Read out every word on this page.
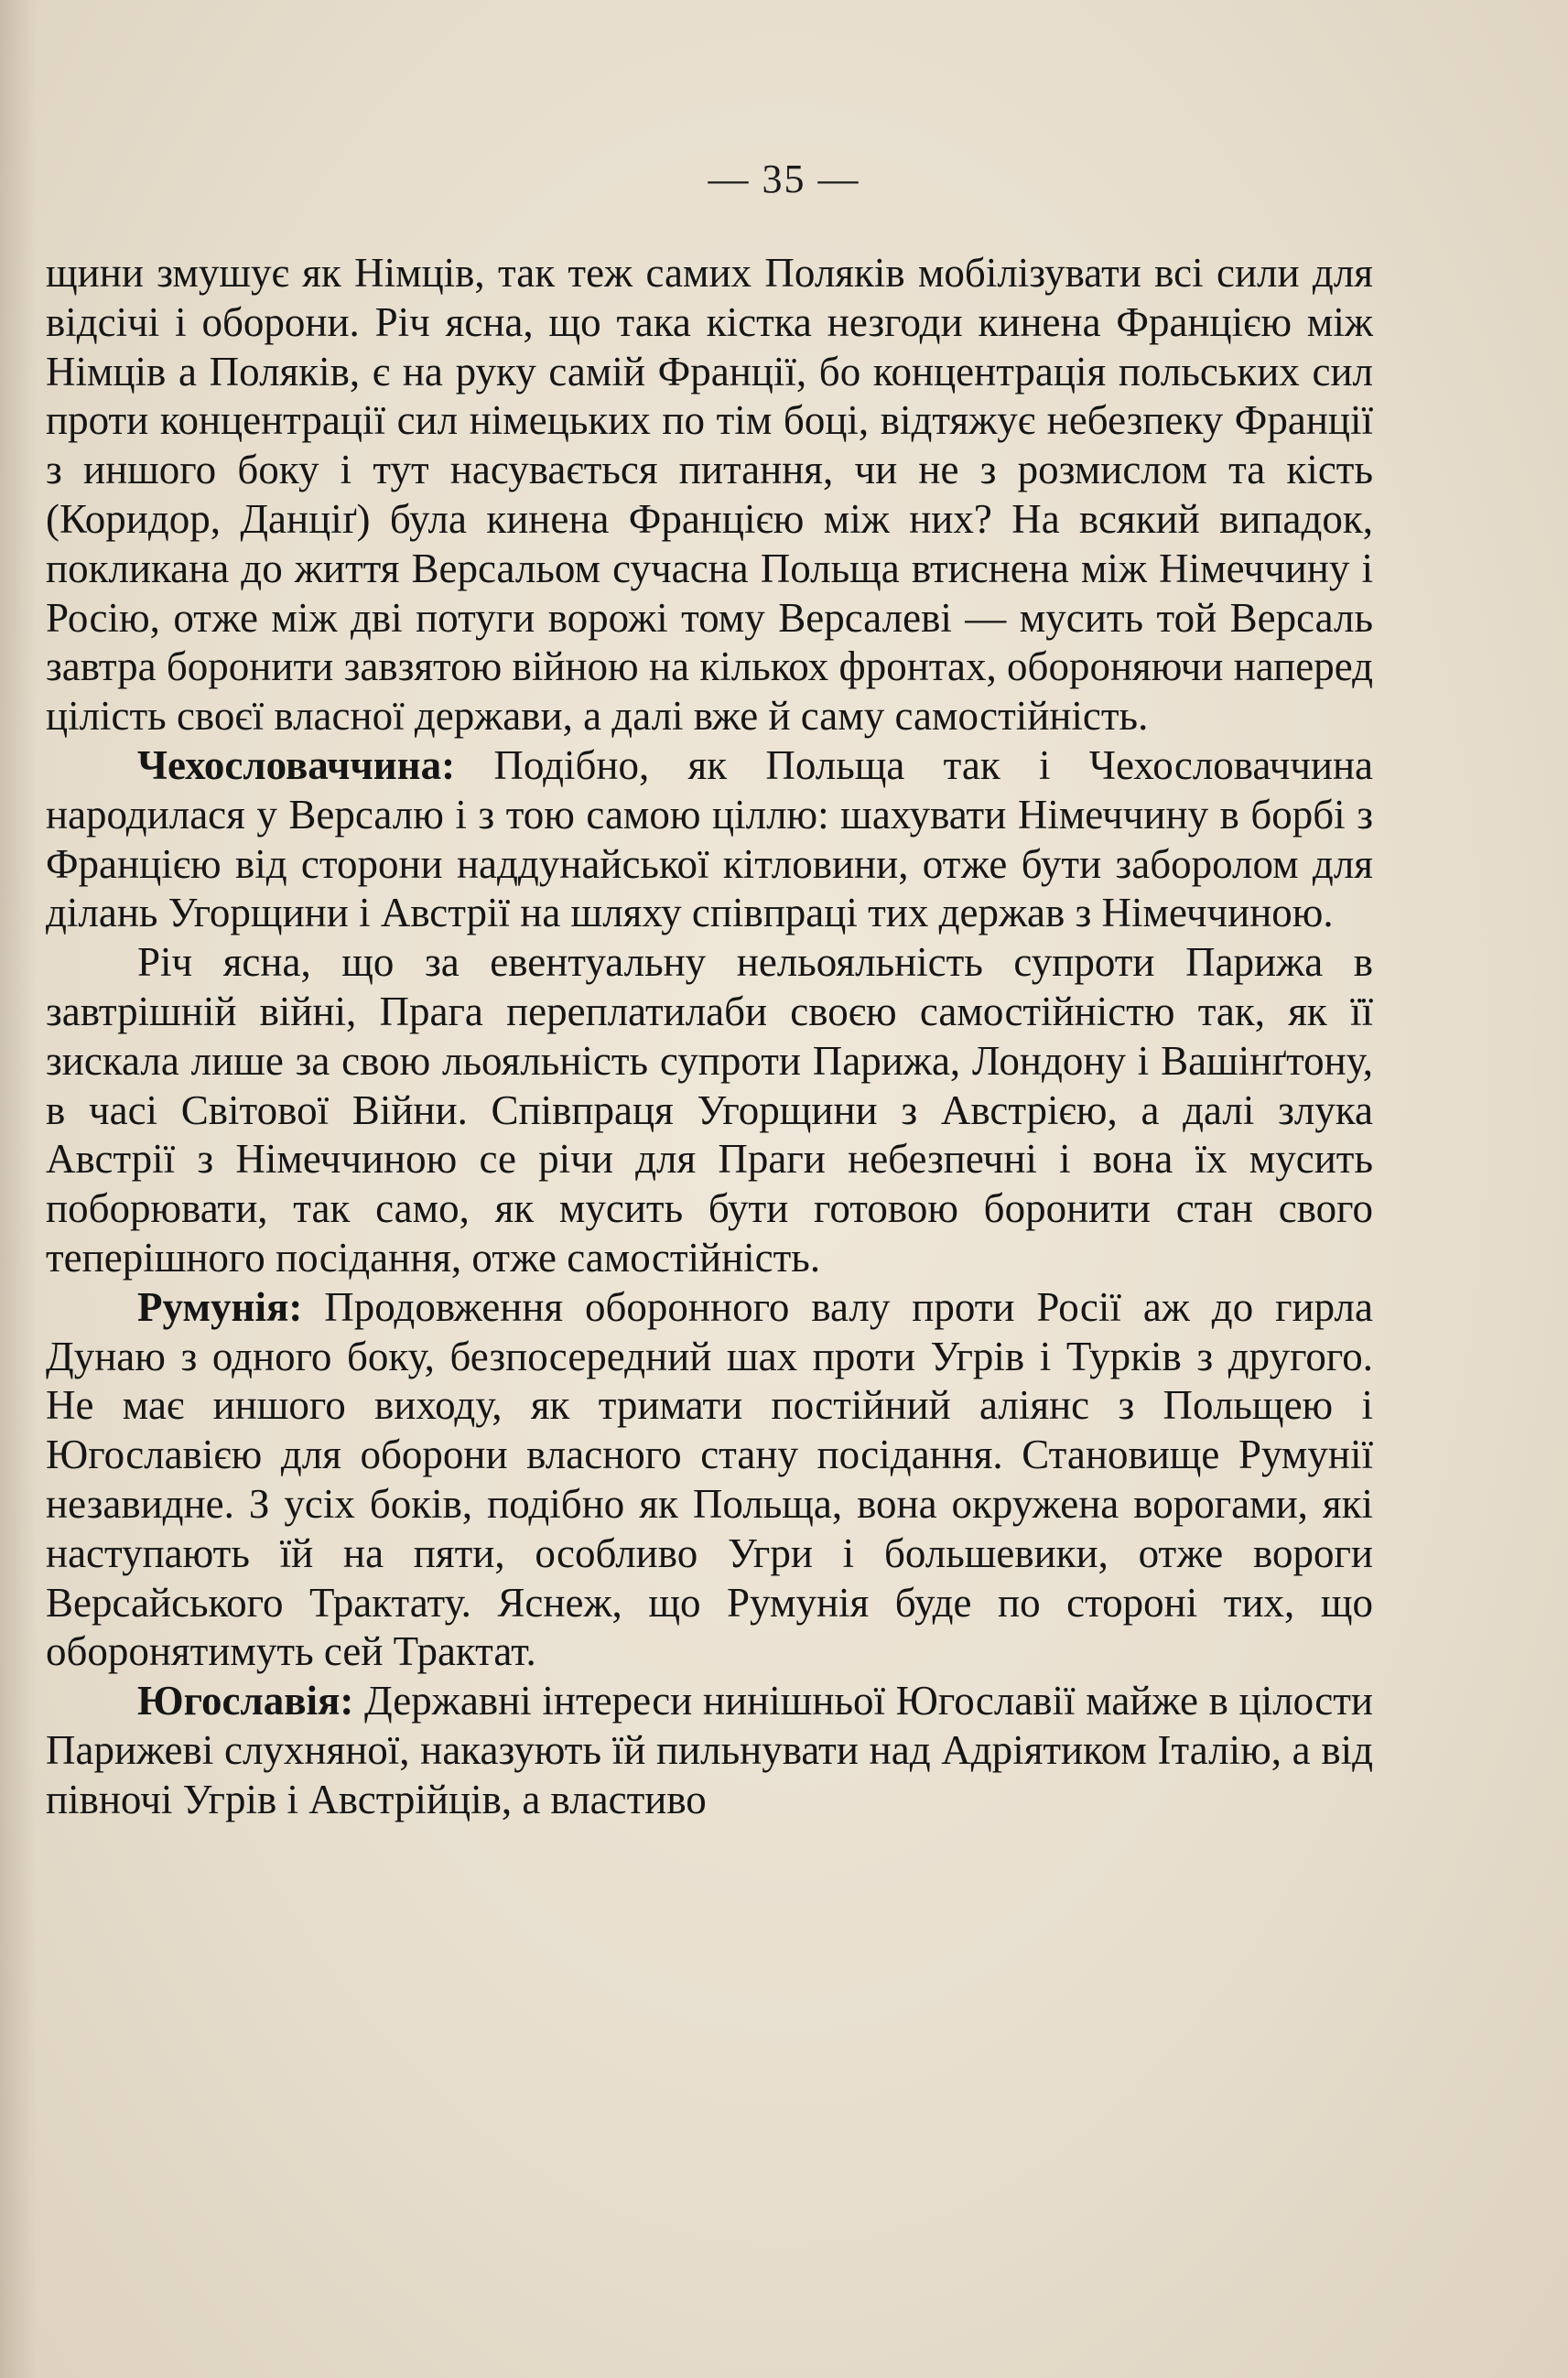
— 35 —

щини змушує як Німців, так теж самих Поляків мобілізувати всі сили для відсічі і оборони. Річ ясна, що така кістка незгоди кинена Францією між Німців а Поляків, є на руку самій Франції, бо концентрація польських сил проти концентрації сил німецьких по тім боці, відтяжує небезпеку Франції з иншого боку і тут насувається питання, чи не з розмислом та кість (Коридор, Данціґ) була кинена Францією між них? На всякий випадок, покликана до життя Версальом сучасна Польща втиснена між Німеччину і Росію, отже між дві потуги ворожі тому Версалеві — мусить той Версаль завтра боронити завзятою війною на кількох фронтах, обороняючи наперед цілість своєї власної держави, а далі вже й саму самостійність.

Чехословаччина: Подібно, як Польща так і Чехословаччина народилася у Версалю і з тою самою ціллю: шахувати Німеччину в борбі з Францією від сторони наддунайської кітловини, отже бути заборолом для ділань Угорщини і Австрії на шляху співпраці тих держав з Німеччиною.

Річ ясна, що за евентуальну нельояльність супроти Парижа в завтрішній війні, Прага переплатилаби своєю самостійністю так, як її зискала лише за свою льояльність супроти Парижа, Лондону і Вашінґтону, в часі Світової Війни. Співпраця Угорщини з Австрією, а далі злука Австрії з Німеччиною се річи для Праги небезпечні і вона їх мусить поборювати, так само, як мусить бути готовою боронити стан свого теперішного посідання, отже самостійність.

Румунія: Продовження оборонного валу проти Росії аж до гирла Дунаю з одного боку, безпосередний шах проти Угрів і Турків з другого. Не має иншого виходу, як тримати постійний аліянс з Польщею і Югославією для оборони власного стану посідання. Становище Румунії незавидне. З усіх боків, подібно як Польща, вона окружена ворогами, які наступають їй на пяти, особливо Угри і большевики, отже вороги Версайського Трактату. Яснеж, що Румунія буде по стороні тих, що оборонятимуть сей Трактат.

Югославія: Державні інтереси нинішньої Югославії майже в цілости Парижеві слухняної, наказують їй пильнувати над Адріятиком Італію, а від півночі Угрів і Австрійців, а властиво
